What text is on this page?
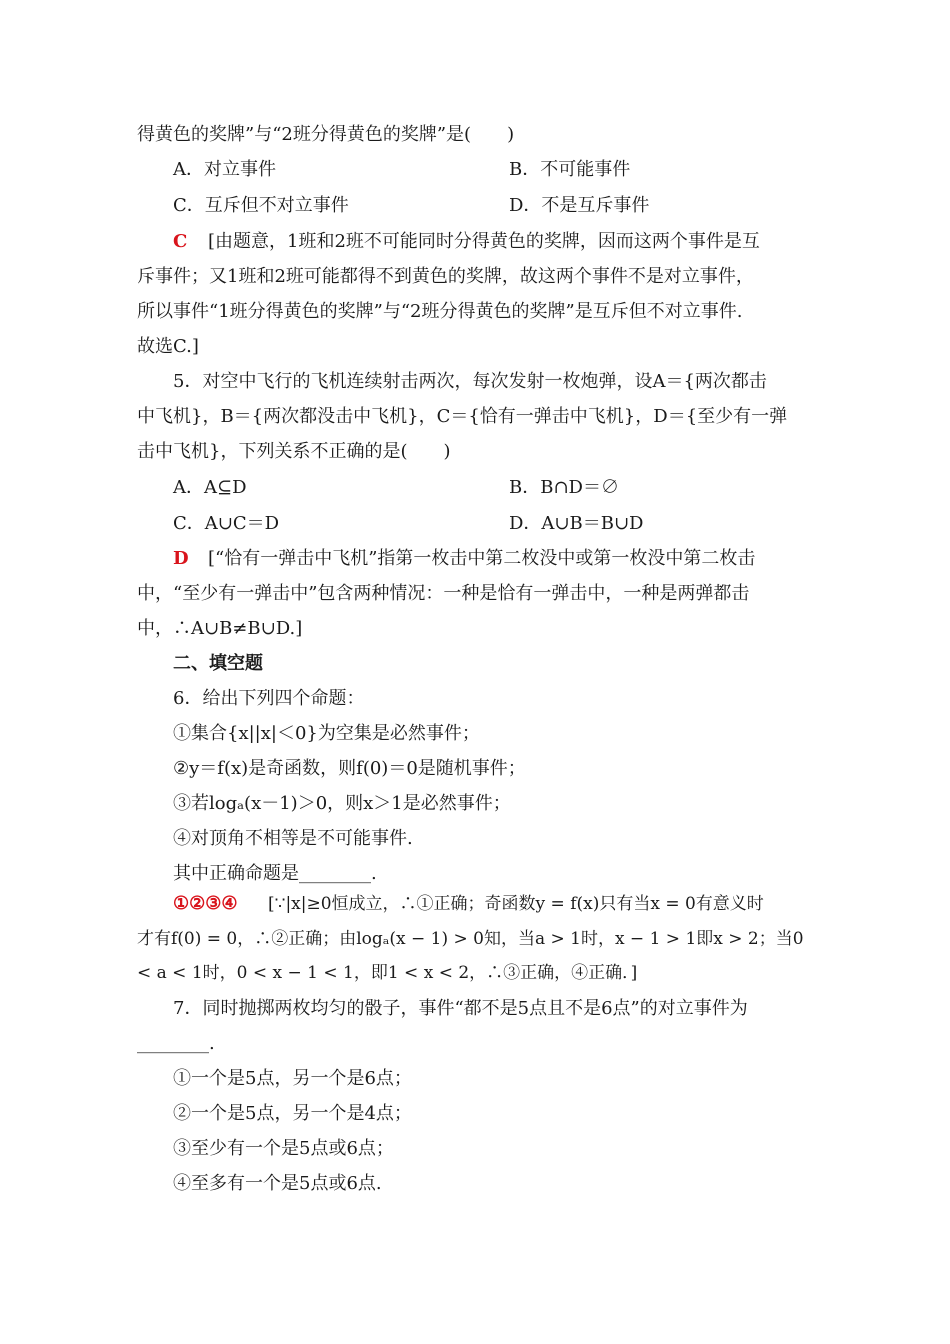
得黄色的奖牌”与“2班分得黄色的奖牌”是(　　)
A．对立事件	B．不可能事件
C．互斥但不对立事件	D．不是互斥事件
C	[由题意，1班和2班不可能同时分得黄色的奖牌，因而这两个事件是互
斥事件；又1班和2班可能都得不到黄色的奖牌，故这两个事件不是对立事件，
所以事件“1班分得黄色的奖牌”与“2班分得黄色的奖牌”是互斥但不对立事件.
故选C.]
5．对空中飞行的飞机连续射击两次，每次发射一枚炮弹，设A＝{两次都击
中飞机}，B＝{两次都没击中飞机}，C＝{恰有一弹击中飞机}，D＝{至少有一弹
击中飞机}，下列关系不正确的是(　　)
A．A⊆D	B．B∩D＝∅
C．A∪C＝D	D．A∪B＝B∪D
D [“恰有一弹击中飞机”指第一枚击中第二枚没中或第一枚没中第二枚击
中，“至少有一弹击中”包含两种情况：一种是恰有一弹击中，一种是两弹都击
中，∴A∪B≠B∪D.]
二、填空题
6．给出下列四个命题：
①集合{x||x|＜0}为空集是必然事件；
②y＝f(x)是奇函数，则f(0)＝0是随机事件；
③若logₐ(x－1)＞0，则x＞1是必然事件；
④对顶角不相等是不可能事件.
其中正确命题是________.
①②③④	[∵|x|≥0恒成立，∴①正确；奇函数y = f(x)只有当x = 0有意义时
才有f(0) = 0，∴②正确；由logₐ(x − 1) > 0知，当a > 1时，x − 1 > 1即x > 2；当0
< a < 1时，0 < x − 1 < 1，即1 < x < 2，∴③正确，④正确．]
7．同时抛掷两枚均匀的骰子，事件“都不是5点且不是6点”的对立事件为
________.
①一个是5点，另一个是6点；
②一个是5点，另一个是4点；
③至少有一个是5点或6点；
④至多有一个是5点或6点.
